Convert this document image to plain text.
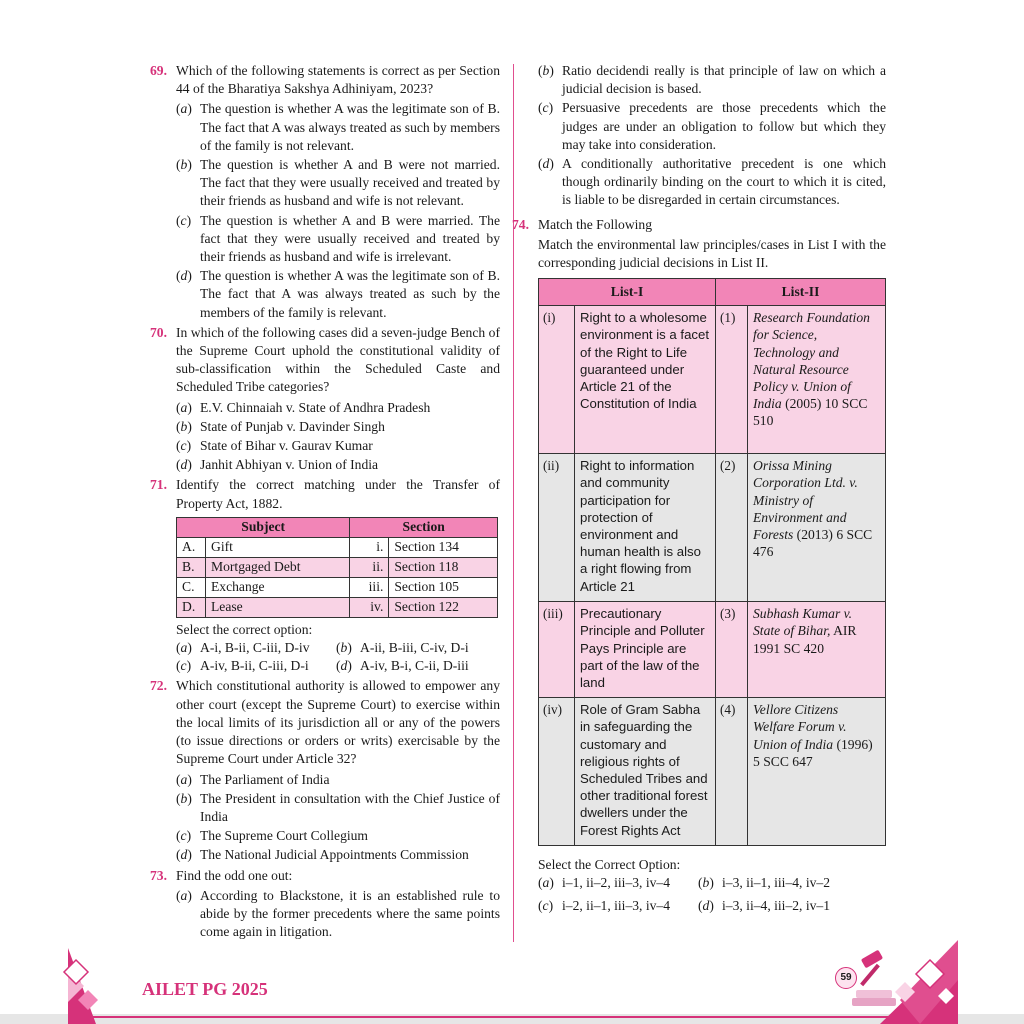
69. Which of the following statements is correct as per Section 44 of the Bharatiya Sakshya Adhiniyam, 2023?
(a) The question is whether A was the legitimate son of B. The fact that A was always treated as such by members of the family is not relevant.
(b) The question is whether A and B were not married. The fact that they were usually received and treated by their friends as husband and wife is not relevant.
(c) The question is whether A and B were married. The fact that they were usually received and treated by their friends as husband and wife is irrelevant.
(d) The question is whether A was the legitimate son of B. The fact that A was always treated as such by the members of the family is relevant.
70. In which of the following cases did a seven-judge Bench of the Supreme Court uphold the constitutional validity of sub-classification within the Scheduled Caste and Scheduled Tribe categories?
(a) E.V. Chinnaiah v. State of Andhra Pradesh
(b) State of Punjab v. Davinder Singh
(c) State of Bihar v. Gaurav Kumar
(d) Janhit Abhiyan v. Union of India
71. Identify the correct matching under the Transfer of Property Act, 1882.
Subject		Section	
A.	Gift	i.	Section 134
B.	Mortgaged Debt	ii.	Section 118
C.	Exchange	iii.	Section 105
D.	Lease	iv.	Section 122
Select the correct option:
(a) A-i, B-ii, C-iii, D-iv (b) A-ii, B-iii, C-iv, D-i
(c) A-iv, B-ii, C-iii, D-i (d) A-iv, B-i, C-ii, D-iii
72. Which constitutional authority is allowed to empower any other court (except the Supreme Court) to exercise within the local limits of its jurisdiction all or any of the powers (to issue directions or orders or writs) exercisable by the Supreme Court under Article 32?
(a) The Parliament of India
(b) The President in consultation with the Chief Justice of India
(c) The Supreme Court Collegium
(d) The National Judicial Appointments Commission
73. Find the odd one out:
(a) According to Blackstone, it is an established rule to abide by the former precedents where the same points come again in litigation.
(b) Ratio decidendi really is that principle of law on which a judicial decision is based.
(c) Persuasive precedents are those precedents which the judges are under an obligation to follow but which they may take into consideration.
(d) A conditionally authoritative precedent is one which though ordinarily binding on the court to which it is cited, is liable to be disregarded in certain circumstances.
74. Match the Following
Match the environmental law principles/cases in List I with the corresponding judicial decisions in List II.
List-I		List-II	
(i)	Right to a wholesome environment is a facet of the Right to Life guaranteed under Article 21 of the Constitution of India	(1)	Research Foundation for Science, Technology and Natural Resource Policy v. Union of India (2005) 10 SCC 510
(ii)	Right to information and community participation for protection of environment and human health is also a right flowing from Article 21	(2)	Orissa Mining Corporation Ltd. v. Ministry of Environment and Forests (2013) 6 SCC 476
(iii)	Precautionary Principle and Polluter Pays Principle are part of the law of the land	(3)	Subhash Kumar v. State of Bihar, AIR 1991 SC 420
(iv)	Role of Gram Sabha in safeguarding the customary and religious rights of Scheduled Tribes and other traditional forest dwellers under the Forest Rights Act	(4)	Vellore Citizens Welfare Forum v. Union of India (1996) 5 SCC 647
Select the Correct Option:
(a) i–1, ii–2, iii–3, iv–4 (b) i–3, ii–1, iii–4, iv–2
(c) i–2, ii–1, iii–3, iv–4 (d) i–3, ii–4, iii–2, iv–1
AILET PG 2025
59
